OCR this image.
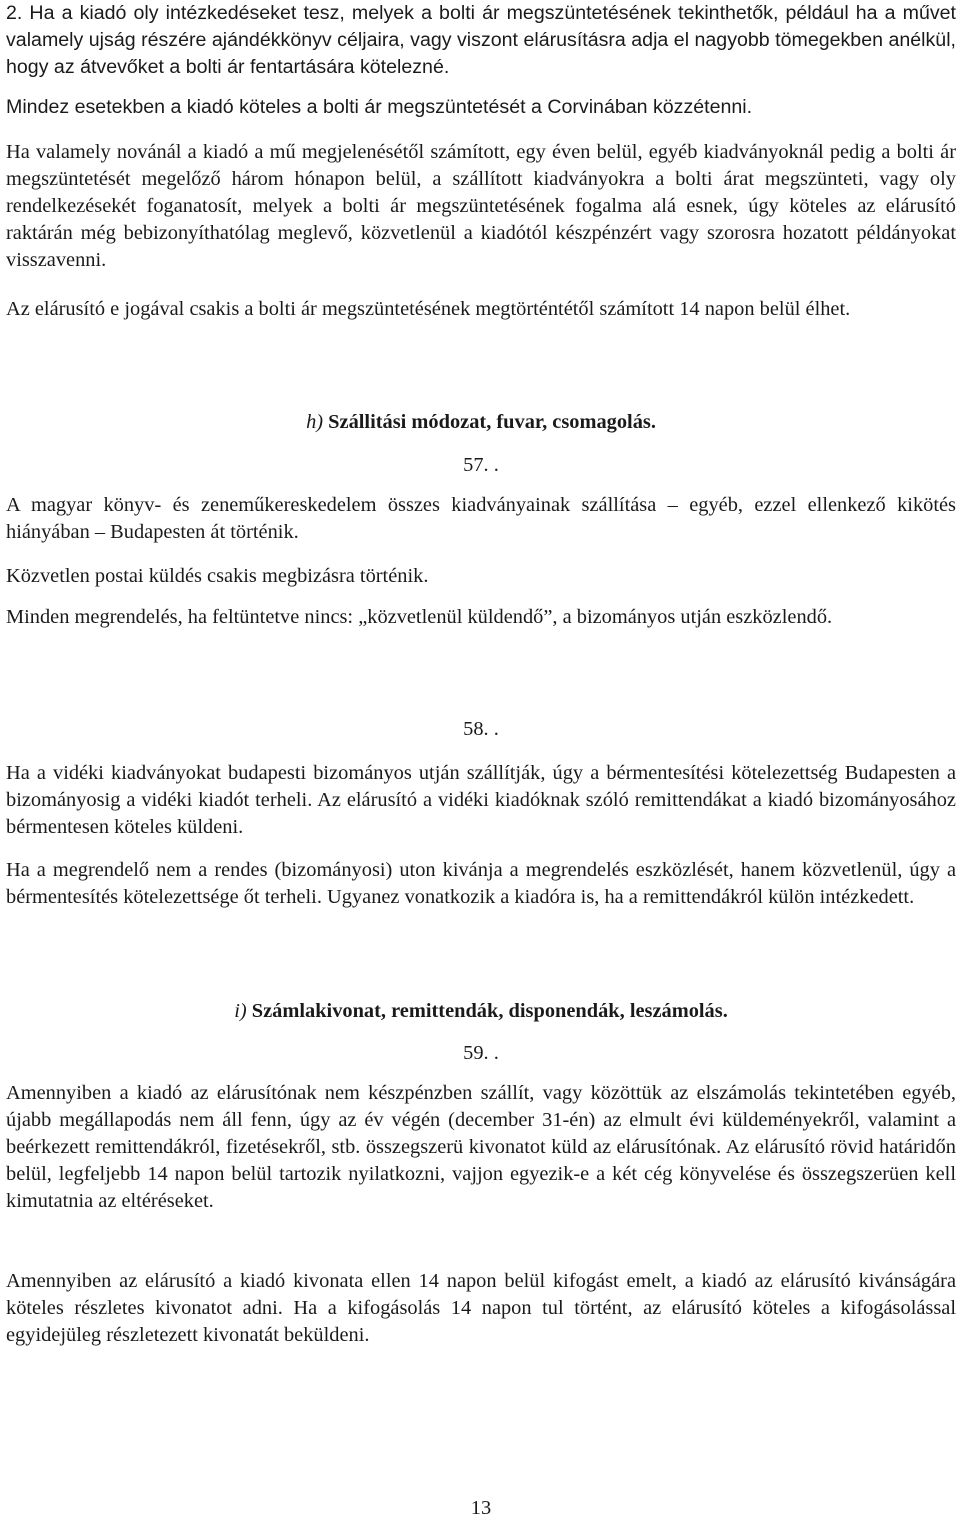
2. Ha a kiadó oly intézkedéseket tesz, melyek a bolti ár megszüntetésének tekinthetők, például ha a művet valamely ujság részére ajándékkönyv céljaira, vagy viszont elárusításra adja el nagyobb tömegekben anélkül, hogy az átvevőket a bolti ár fentartására kötelezné.

Mindez esetekben a kiadó köteles a bolti ár megszüntetését a Corvinában közzétenni.

Ha valamely novánál a kiadó a mű megjelenésétől számított, egy éven belül, egyéb kiadványoknál pedig a bolti ár megszüntetését megelőző három hónapon belül, a szállított kiadványokra a bolti árat megszünteti, vagy oly rendelkezésekét foganatosít, melyek a bolti ár megszüntetésének fogalma alá esnek, úgy köteles az elárusító raktárán még bebizonyíthatólag meglevő, közvetlenül a kiadótól készpénzért vagy szorosra hozatott példányokat visszavenni.

Az elárusító e jogával csakis a bolti ár megszüntetésének megtörténtétől számított 14 napon belül élhet.

h) Szállitási módozat, fuvar, csomagolás.
57. .

A magyar könyv- és zeneműkereskedelem összes kiadványainak szállítása – egyéb, ezzel ellenkező kikötés hiányában – Budapesten át történik.

Közvetlen postai küldés csakis megbizásra történik.

Minden megrendelés, ha feltüntetve nincs: „közvetlenül küldendő”, a bizományos utján eszközlendő.

58. .

Ha a vidéki kiadványokat budapesti bizományos utján szállítják, úgy a bérmentesítési kötelezettség Budapesten a bizományosig a vidéki kiadót terheli. Az elárusító a vidéki kiadóknak szóló remittendákat a kiadó bizományosához bérmentesen köteles küldeni.

Ha a megrendelő nem a rendes (bizományosi) uton kivánja a megrendelés eszközlését, hanem közvetlenül, úgy a bérmentesítés kötelezettsége őt terheli. Ugyanez vonatkozik a kiadóra is, ha a remittendákról külön intézkedett.

i) Számlakivonat, remittendák, disponendák, leszámolás.
59. .

Amennyiben a kiadó az elárusítónak nem készpénzben szállít, vagy közöttük az elszámolás tekintetében egyéb, újabb megállapodás nem áll fenn, úgy az év végén (december 31-én) az elmult évi küldeményekről, valamint a beérkezett remittendákról, fizetésekről, stb. összegszerü kivonatot küld az elárusítónak. Az elárusító rövid határidőn belül, legfeljebb 14 napon belül tartozik nyilatkozni, vajjon egyezik-e a két cég könyvelése és összegszerüen kell kimutatnia az eltéréseket.

Amennyiben az elárusító a kiadó kivonata ellen 14 napon belül kifogást emelt, a kiadó az elárusító kivánságára köteles részletes kivonatot adni. Ha a kifogásolás 14 napon tul történt, az elárusító köteles a kifogásolással egyidejüleg részletezett kivonatát beküldeni.

13
